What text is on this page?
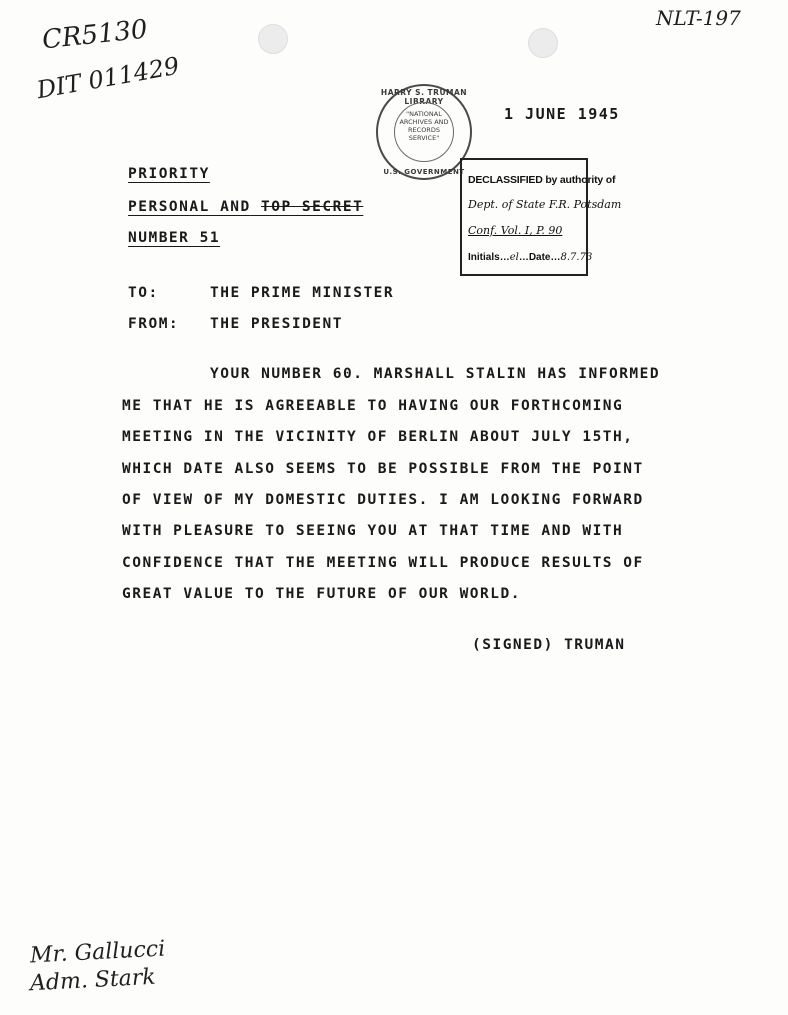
CR5130
DIT 011429
NLT-197
HARRY S. TRUMAN LIBRARY
"NATIONAL ARCHIVES AND RECORDS SERVICE"
U.S. GOVERNMENT
1 JUNE 1945
DECLASSIFIED by authority of
Dept. of State F.R. Potsdam
Conf. Vol. I, P. 90
Initials…el…Date…8.7.73
PRIORITY
PERSONAL AND TOP SECRET
NUMBER 51
TO:	THE PRIME MINISTER
FROM: THE PRESIDENT
YOUR NUMBER 60. MARSHALL STALIN HAS INFORMED
ME THAT HE IS AGREEABLE TO HAVING OUR FORTHCOMING
MEETING IN THE VICINITY OF BERLIN ABOUT JULY 15TH,
WHICH DATE ALSO SEEMS TO BE POSSIBLE FROM THE POINT
OF VIEW OF MY DOMESTIC DUTIES. I AM LOOKING FORWARD
WITH PLEASURE TO SEEING YOU AT THAT TIME AND WITH
CONFIDENCE THAT THE MEETING WILL PRODUCE RESULTS OF
GREAT VALUE TO THE FUTURE OF OUR WORLD.
(SIGNED) TRUMAN
Mr. Gallucci
Adm. Stark
